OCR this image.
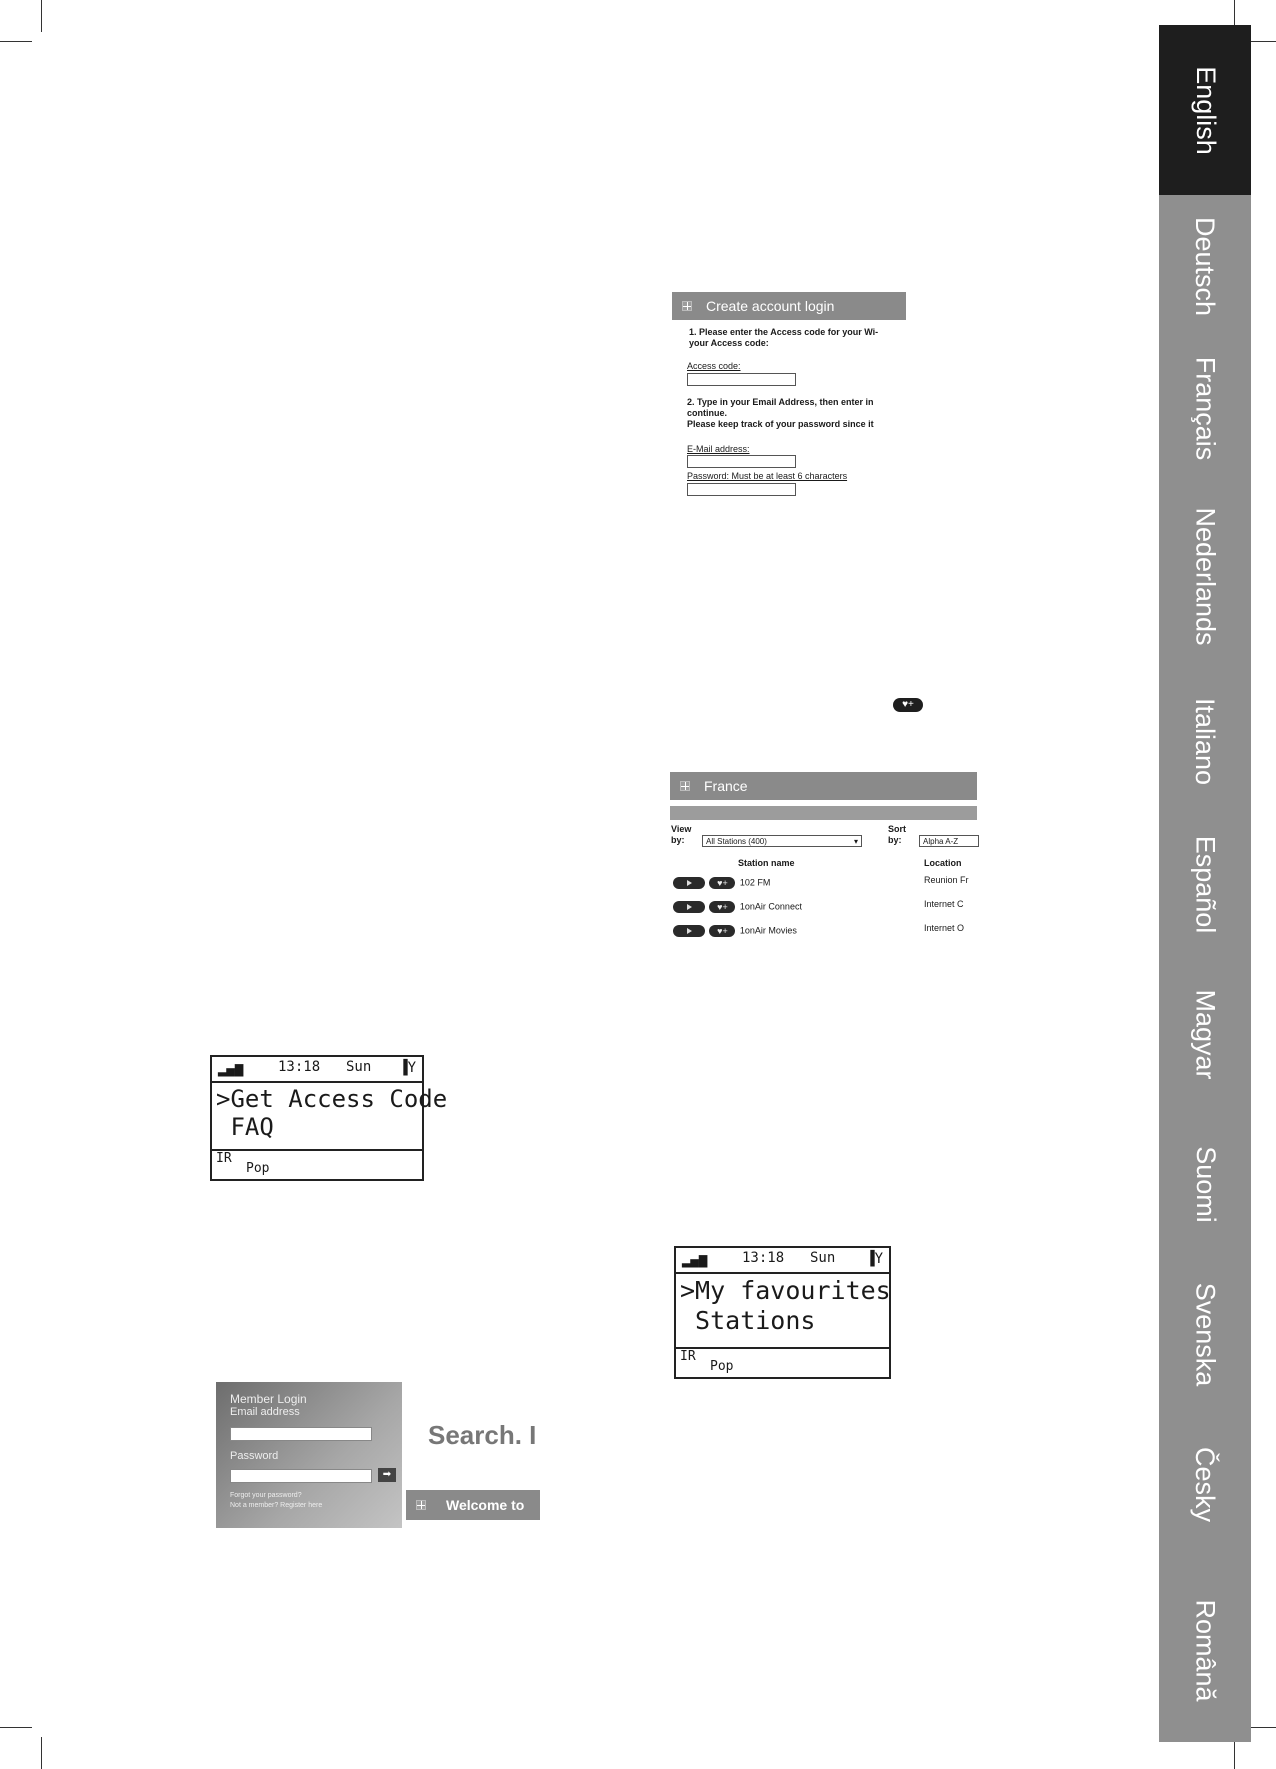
English
Deutsch
Français
Nederlands
Italiano
Español
Magyar
Suomi
Svenska
Česky
Română
Create account login
1. Please enter the Access code for your Wi-
your Access code:
Access code:
2. Type in your Email Address, then enter in
continue.
Please keep track of your password since it
E-Mail address:
Password: Must be at least 6 characters
♥+
France
View by:	All Stations (400)	▾
Sort by:	Alpha A-Z
Station name	Location
♥+ 102 FM	Reunion Fr
♥+ 1onAir Connect	Internet C
♥+ 1onAir Movies	Internet O
▂▄▆ 13:18 Sun ▐Y
>Get Access Code
FAQ
IR
Pop
▂▄▆ 13:18 Sun ▐Y
>My favourites
Stations
IR
Pop
Member Login
Email address
Password
➡
Forgot your password?
Not a member? Register here
Search. I
Welcome to
